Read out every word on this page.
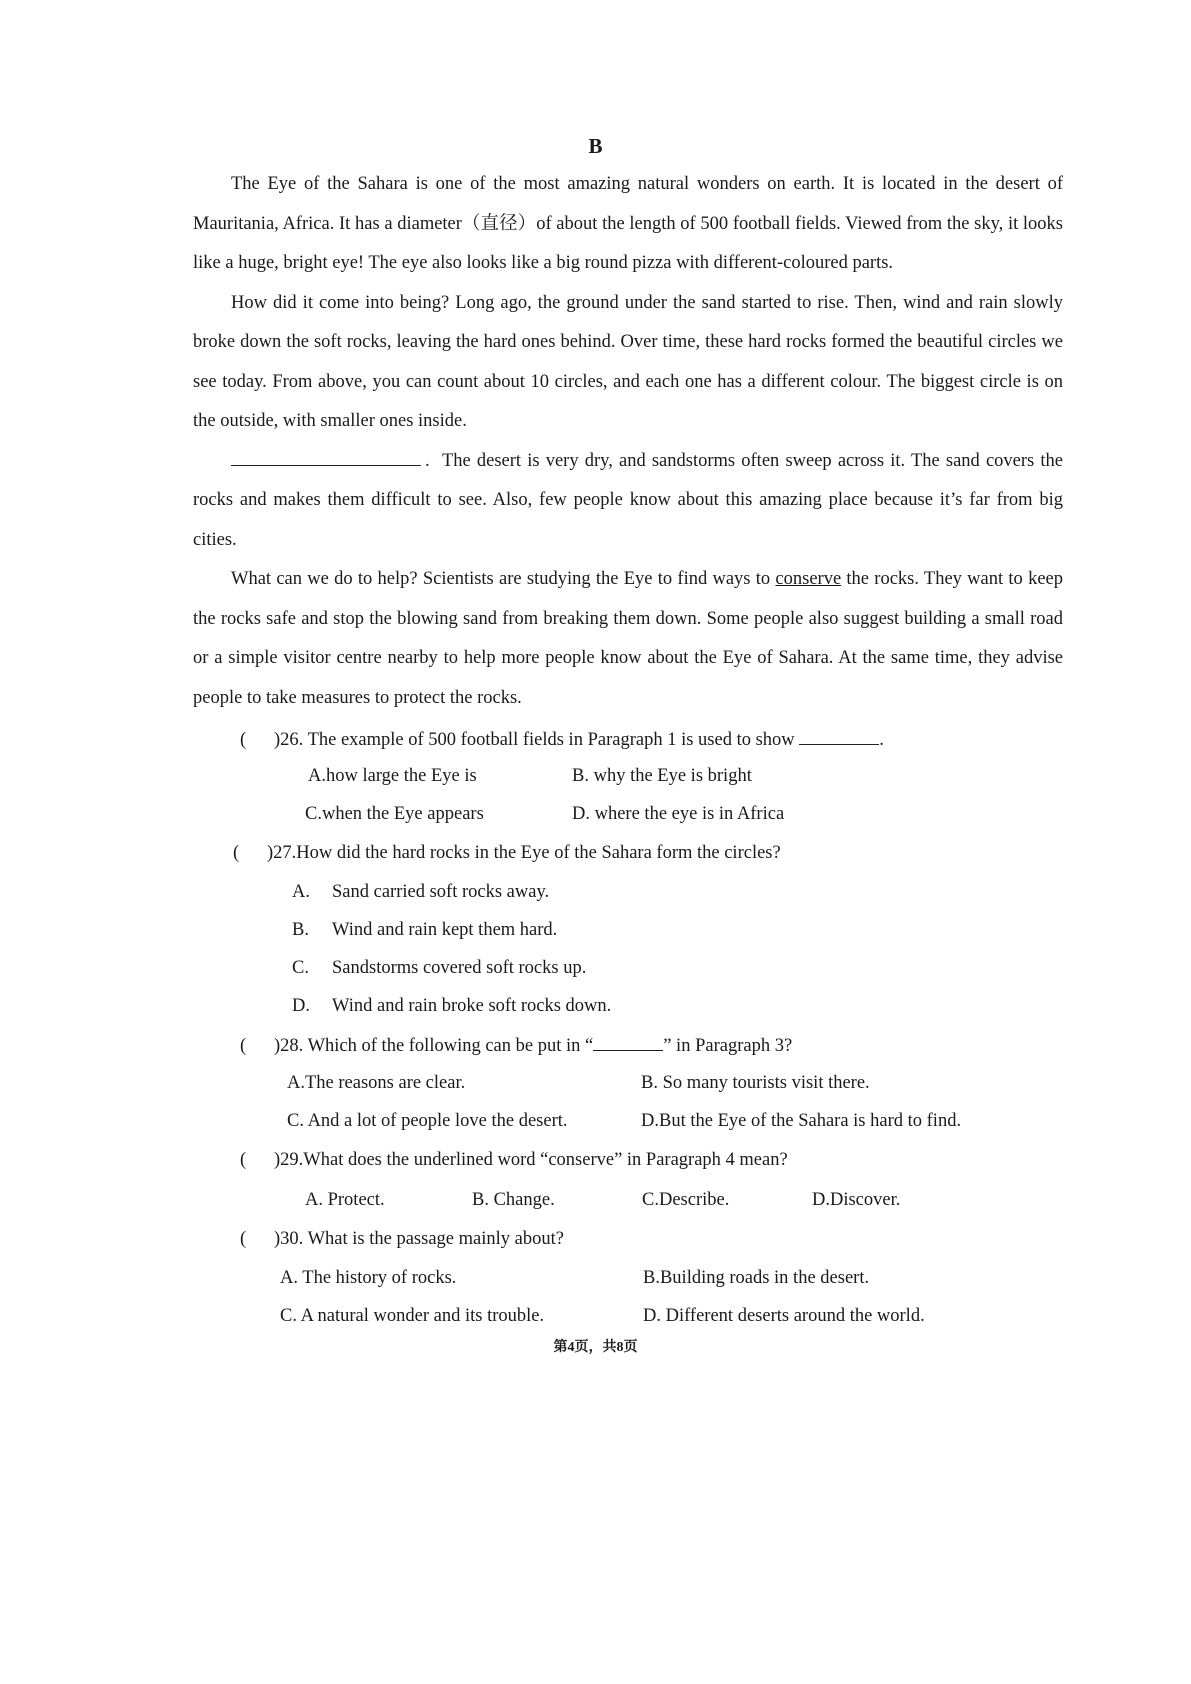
B

The Eye of the Sahara is one of the most amazing natural wonders on earth. It is located in the desert of Mauritania, Africa. It has a diameter（直径）of about the length of 500 football fields. Viewed from the sky, it looks like a huge, bright eye! The eye also looks like a big round pizza with different-coloured parts.

How did it come into being? Long ago, the ground under the sand started to rise. Then, wind and rain slowly broke down the soft rocks, leaving the hard ones behind. Over time, these hard rocks formed the beautiful circles we see today. From above, you can count about 10 circles, and each one has a different colour. The biggest circle is on the outside, with smaller ones inside.

. The desert is very dry, and sandstorms often sweep across it. The sand covers the rocks and makes them difficult to see. Also, few people know about this amazing place because it’s far from big cities.

What can we do to help? Scientists are studying the Eye to find ways to conserve the rocks. They want to keep the rocks safe and stop the blowing sand from breaking them down. Some people also suggest building a small road or a simple visitor centre nearby to help more people know about the Eye of Sahara. At the same time, they advise people to take measures to protect the rocks.

( )26. The example of 500 football fields in Paragraph 1 is used to show	.
A.how large the Eye is	B. why the Eye is bright
C.when the Eye appears	D. where the eye is in Africa
( )27.How did the hard rocks in the Eye of the Sahara form the circles?
A. Sand carried soft rocks away.
B. Wind and rain kept them hard.
C. Sandstorms covered soft rocks up.
D. Wind and rain broke soft rocks down.
( )28. Which of the following can be put in “	” in Paragraph 3?
A.The reasons are clear.	B. So many tourists visit there.
C. And a lot of people love the desert.	D.But the Eye of the Sahara is hard to find.
( )29.What does the underlined word “conserve” in Paragraph 4 mean?
A. Protect.	B. Change.	C.Describe.	D.Discover.
( )30. What is the passage mainly about?
A. The history of rocks.	B.Building roads in the desert.
C. A natural wonder and its trouble.	D. Different deserts around the world.
第4页，共8页
